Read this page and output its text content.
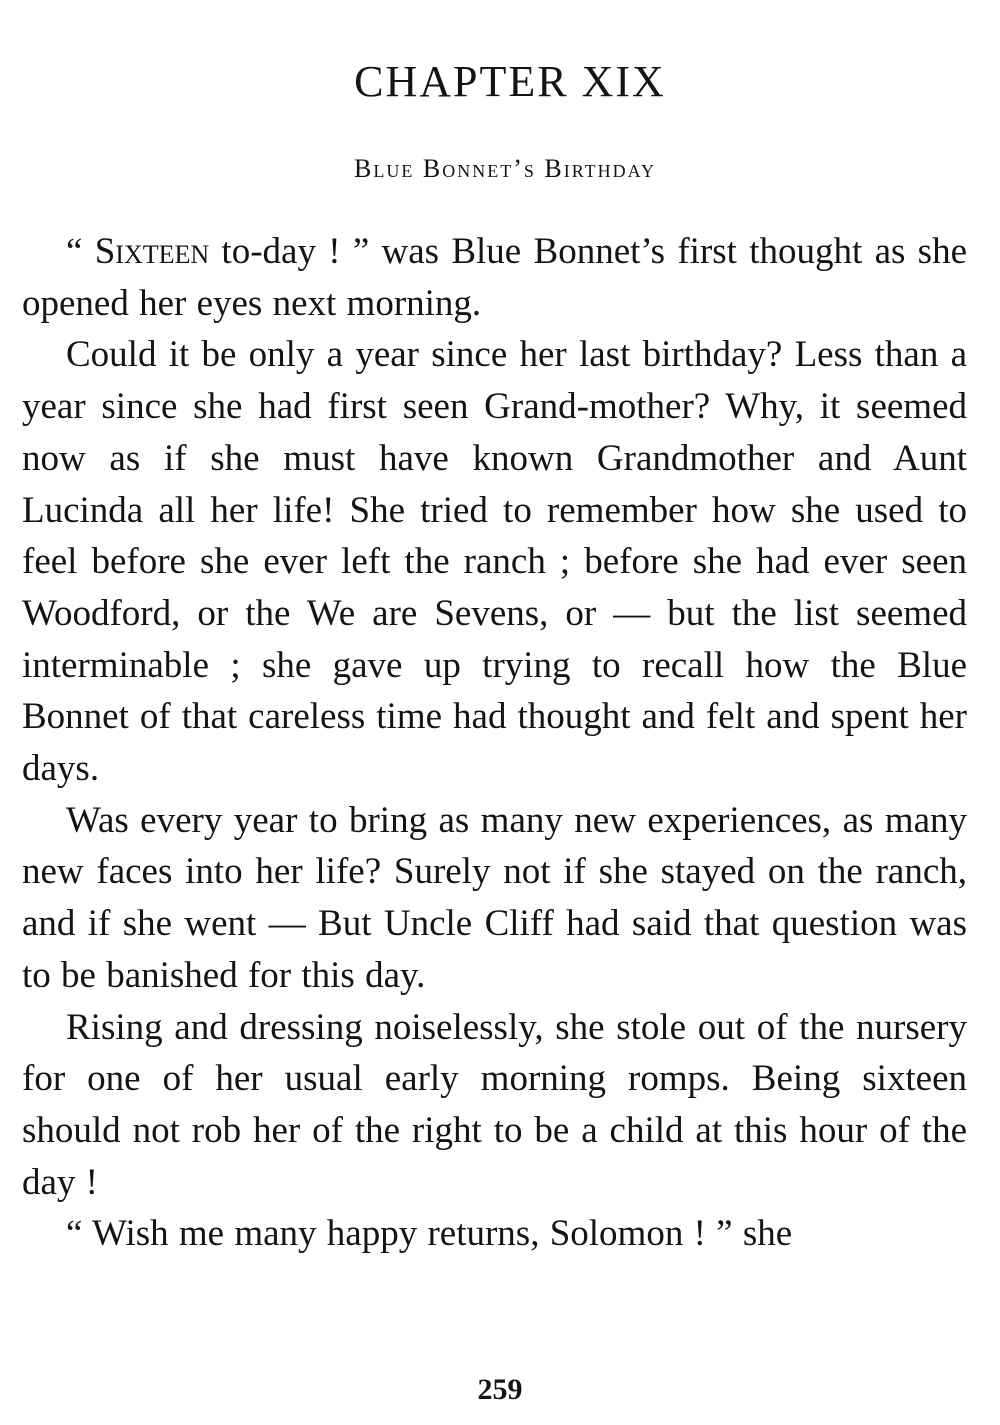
CHAPTER XIX
Blue Bonnet’s Birthday

“ Sixteen to-day ! ” was Blue Bonnet’s first thought as she opened her eyes next morning.

Could it be only a year since her last birthday? Less than a year since she had first seen Grand-mother? Why, it seemed now as if she must have known Grandmother and Aunt Lucinda all her life! She tried to remember how she used to feel before she ever left the ranch ; before she had ever seen Woodford, or the We are Sevens, or — but the list seemed interminable ; she gave up trying to recall how the Blue Bonnet of that careless time had thought and felt and spent her days.

Was every year to bring as many new experiences, as many new faces into her life? Surely not if she stayed on the ranch, and if she went — But Uncle Cliff had said that question was to be banished for this day.

Rising and dressing noiselessly, she stole out of the nursery for one of her usual early morning romps. Being sixteen should not rob her of the right to be a child at this hour of the day !

“ Wish me many happy returns, Solomon ! ” she

259
